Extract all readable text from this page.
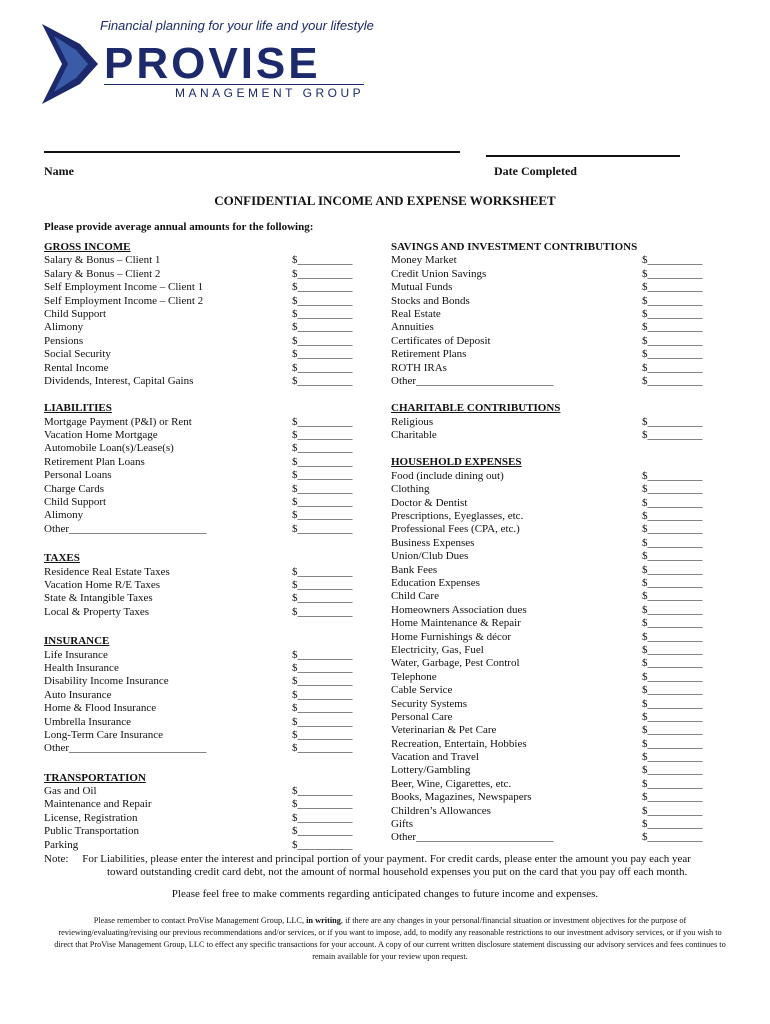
Financial planning for your life and your lifestyle
PROVISE
MANAGEMENT GROUP
Name	Date Completed
CONFIDENTIAL INCOME AND EXPENSE WORKSHEET
Please provide average annual amounts for the following:
GROSS INCOME
Salary & Bonus – Client 1
Salary & Bonus – Client 2
Self Employment Income – Client 1
Self Employment Income – Client 2
Child Support
Alimony
Pensions
Social Security
Rental Income
Dividends, Interest, Capital Gains
LIABILITIES
Mortgage Payment (P&I) or Rent
Vacation Home Mortgage
Automobile Loan(s)/Lease(s)
Retirement Plan Loans
Personal Loans
Charge Cards
Child Support
Alimony
Other_________________________
TAXES
Residence Real Estate Taxes
Vacation Home R/E Taxes
State & Intangible Taxes
Local & Property Taxes
INSURANCE
Life Insurance
Health Insurance
Disability Income Insurance
Auto Insurance
Home & Flood Insurance
Umbrella Insurance
Long-Term Care Insurance
Other_________________________
TRANSPORTATION
Gas and Oil
Maintenance and Repair
License, Registration
Public Transportation
Parking
$__________
$__________
$__________
$__________
$__________
$__________
$__________
$__________
$__________
$__________
$__________
$__________
$__________
$__________
$__________
$__________
$__________
$__________
$__________
$__________
$__________
$__________
$__________
$__________
$__________
$__________
$__________
$__________
$__________
$__________
$__________
$__________
$__________
$__________
$__________
$__________
SAVINGS AND INVESTMENT CONTRIBUTIONS
Money Market
Credit Union Savings
Mutual Funds
Stocks and Bonds
Real Estate
Annuities
Certificates of Deposit
Retirement Plans
ROTH IRAs
Other_________________________
CHARITABLE CONTRIBUTIONS
Religious
Charitable
HOUSEHOLD EXPENSES
Food (include dining out)
Clothing
Doctor & Dentist
Prescriptions, Eyeglasses, etc.
Professional Fees (CPA, etc.)
Business Expenses
Union/Club Dues
Bank Fees
Education Expenses
Child Care
Homeowners Association dues
Home Maintenance & Repair
Home Furnishings & décor
Electricity, Gas, Fuel
Water, Garbage, Pest Control
Telephone
Cable Service
Security Systems
Personal Care
Veterinarian & Pet Care
Recreation, Entertain, Hobbies
Vacation and Travel
Lottery/Gambling
Beer, Wine, Cigarettes, etc.
Books, Magazines, Newspapers
Children’s Allowances
Gifts
Other_________________________
$__________
$__________
$__________
$__________
$__________
$__________
$__________
$__________
$__________
$__________
$__________
$__________
$__________
$__________
$__________
$__________
$__________
$__________
$__________
$__________
$__________
$__________
$__________
$__________
$__________
$__________
$__________
$__________
$__________
$__________
$__________
$__________
$__________
$__________
$__________
$__________
$__________
$__________
$__________
$__________
Note: For Liabilities, please enter the interest and principal portion of your payment. For credit cards, please enter the amount you pay each year
toward outstanding credit card debt, not the amount of normal household expenses you put on the card that you pay off each month.
Please feel free to make comments regarding anticipated changes to future income and expenses.
Please remember to contact ProVise Management Group, LLC, in writing, if there are any changes in your personal/financial situation or investment objectives for the purpose of reviewing/evaluating/revising our previous recommendations and/or services, or if you want to impose, add, to modify any reasonable restrictions to our investment advisory services, or if you wish to direct that ProVise Management Group, LLC to effect any specific transactions for your account. A copy of our current written disclosure statement discussing our advisory services and fees continues to remain available for your review upon request.
